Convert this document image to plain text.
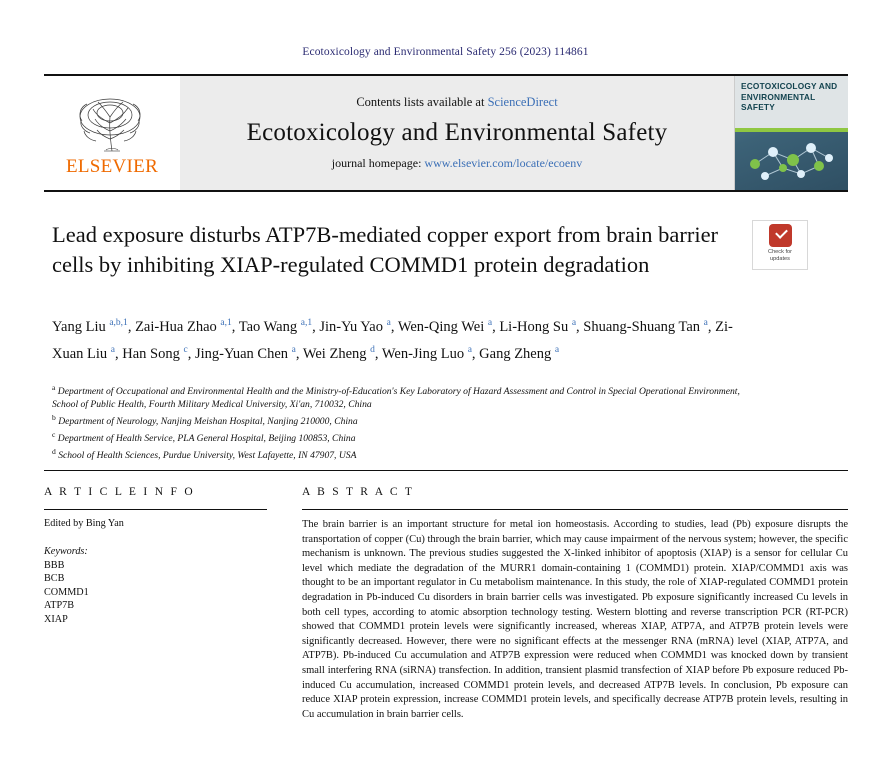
Ecotoxicology and Environmental Safety 256 (2023) 114861
ELSEVIER
Contents lists available at ScienceDirect
Ecotoxicology and Environmental Safety
journal homepage: www.elsevier.com/locate/ecoenv
ECOTOXICOLOGY AND ENVIRONMENTAL SAFETY
Lead exposure disturbs ATP7B-mediated copper export from brain barrier cells by inhibiting XIAP-regulated COMMD1 protein degradation	Check for
updates
Yang Liu $^{a,b,1}$, Zai-Hua Zhao $^{a,1}$, Tao Wang $^{a,1}$, Jin-Yu Yao $^a$, Wen-Qing Wei $^a$, Li-Hong Su $^a$, Shuang-Shuang Tan $^a$, Zi-Xuan Liu $^a$, Han Song $^c$, Jing-Yuan Chen $^a$, Wei Zheng $^d$, Wen-Jing Luo $^a$, Gang Zheng $^a$
$^a$ Department of Occupational and Environmental Health and the Ministry-of-Education's Key Laboratory of Hazard Assessment and Control in Special Operational Environment, School of Public Health, Fourth Military Medical University, Xi'an, 710032, China
$^b$ Department of Neurology, Nanjing Meishan Hospital, Nanjing 210000, China
$^c$ Department of Health Service, PLA General Hospital, Beijing 100853, China
$^d$ School of Health Sciences, Purdue University, West Lafayette, IN 47907, USA
A R T I C L E I N F O
Edited by Bing Yan
Keywords:
BBB
BCB
COMMD1
ATP7B
XIAP
A B S T R A C T
The brain barrier is an important structure for metal ion homeostasis. According to studies, lead (Pb) exposure disrupts the transportation of copper (Cu) through the brain barrier, which may cause impairment of the nervous system; however, the specific mechanism is unknown. The previous studies suggested the X-linked inhibitor of apoptosis (XIAP) is a sensor for cellular Cu level which mediate the degradation of the MURR1 domain-containing 1 (COMMD1) protein. XIAP/COMMD1 axis was thought to be an important regulator in Cu metabolism maintenance. In this study, the role of XIAP-regulated COMMD1 protein degradation in Pb-induced Cu disorders in brain barrier cells was investigated. Pb exposure significantly increased Cu levels in both cell types, according to atomic absorption technology testing. Western blotting and reverse transcription PCR (RT-PCR) showed that COMMD1 protein levels were significantly increased, whereas XIAP, ATP7A, and ATP7B protein levels were significantly decreased. However, there were no significant effects at the messenger RNA (mRNA) level (XIAP, ATP7A, and ATP7B). Pb-induced Cu accumulation and ATP7B expression were reduced when COMMD1 was knocked down by transient small interfering RNA (siRNA) transfection. In addition, transient plasmid transfection of XIAP before Pb exposure reduced Pb-induced Cu accumulation, increased COMMD1 protein levels, and decreased ATP7B levels. In conclusion, Pb exposure can reduce XIAP protein expression, increase COMMD1 protein levels, and specifically decrease ATP7B protein levels, resulting in Cu accumulation in brain barrier cells.
